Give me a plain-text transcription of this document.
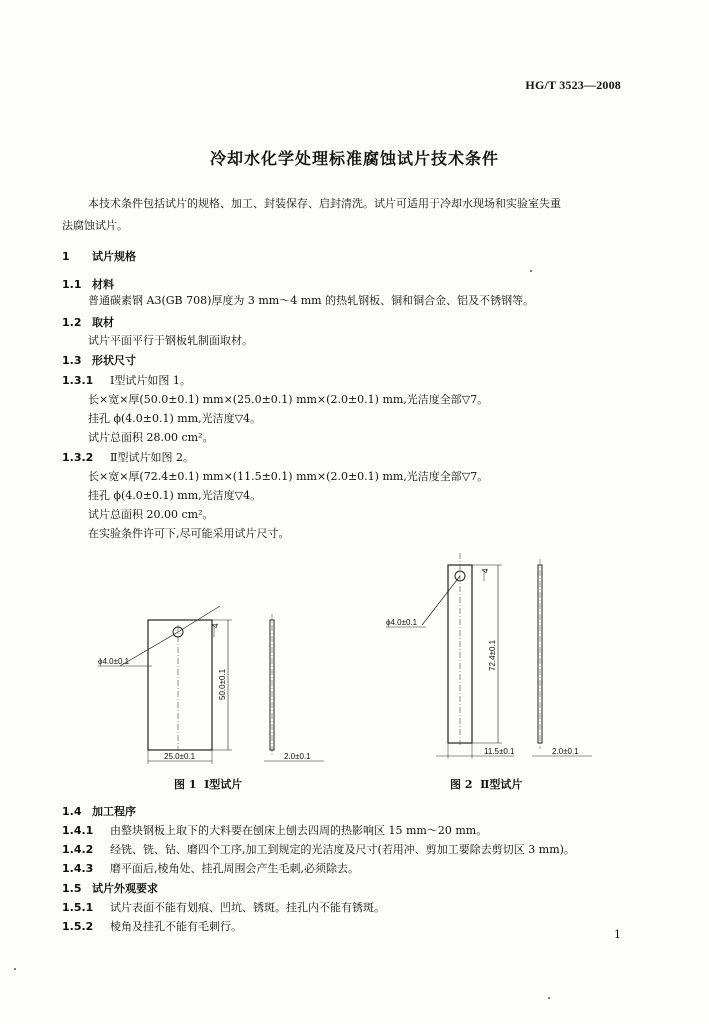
HG/T 3523—2008
冷却水化学处理标准腐蚀试片技术条件
本技术条件包括试片的规格、加工、封装保存、启封清洗。试片可适用于冷却水现场和实验室失重
法腐蚀试片。
1 试片规格
1.1 材料
普通碳素钢 A3(GB 708)厚度为 3 mm～4 mm 的热轧钢板、铜和铜合金、铝及不锈钢等。
1.2 取材
试片平面平行于钢板轧制面取材。
1.3 形状尺寸
1.3.1 Ⅰ型试片如图 1。
长×宽×厚(50.0±0.1) mm×(25.0±0.1) mm×(2.0±0.1) mm,光洁度全部▽7。
挂孔 ϕ(4.0±0.1) mm,光洁度▽4。
试片总面积 28.00 cm²。
1.3.2 Ⅱ型试片如图 2。
长×宽×厚(72.4±0.1) mm×(11.5±0.1) mm×(2.0±0.1) mm,光洁度全部▽7。
挂孔 ϕ(4.0±0.1) mm,光洁度▽4。
试片总面积 20.00 cm²。
在实验条件许可下,尽可能采用试片尺寸。
ϕ4.0±0.1
50.0±0.1
4
25.0±0.1	2.0±0.1
图 1 Ⅰ型试片
ϕ4.0±0.1
72.4±0.1
4
11.5±0.1	2.0±0.1
图 2 Ⅱ型试片
1.4 加工程序
1.4.1 由整块钢板上取下的大料要在刨床上刨去四周的热影响区 15 mm～20 mm。
1.4.2 经铣、铣、钻、磨四个工序,加工到规定的光洁度及尺寸(若用冲、剪加工要除去剪切区 3 mm)。
1.4.3 磨平面后,棱角处、挂孔周围会产生毛刺,必须除去。
1.5 试片外观要求
1.5.1 试片表面不能有划痕、凹坑、锈斑。挂孔内不能有锈斑。
1.5.2 棱角及挂孔不能有毛刺行。
1
